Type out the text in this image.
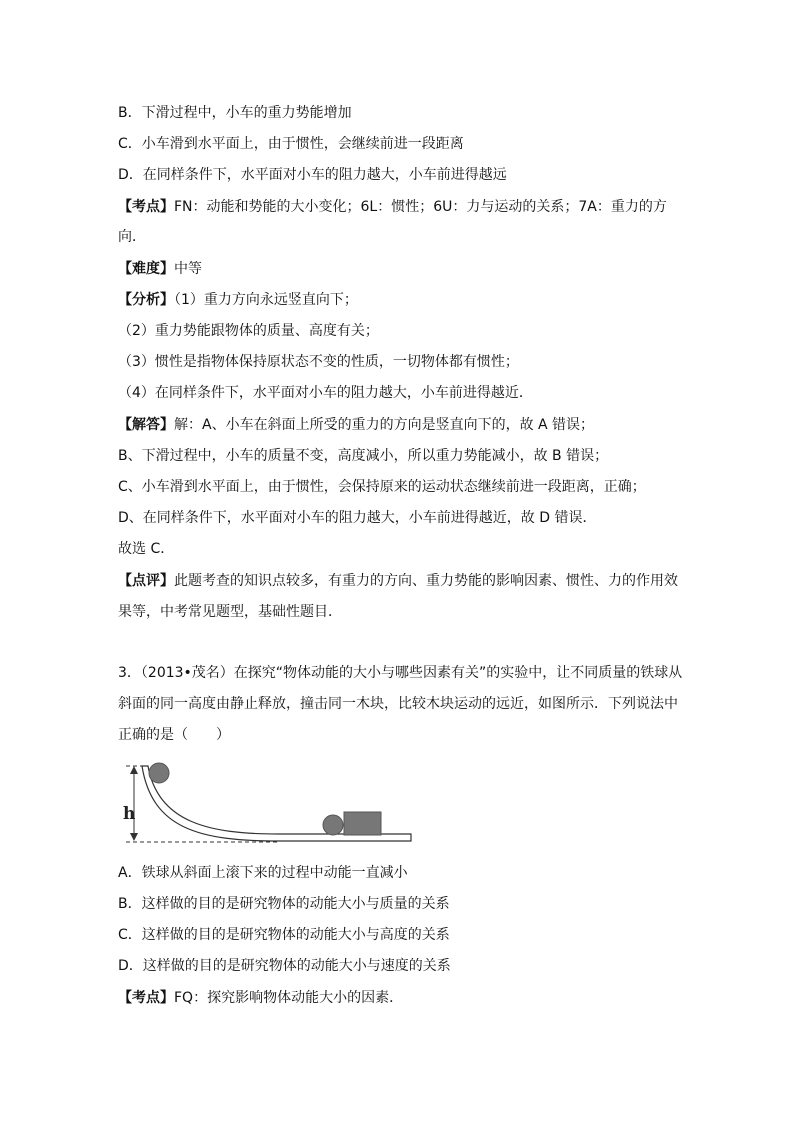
B．下滑过程中，小车的重力势能增加
C．小车滑到水平面上，由于惯性，会继续前进一段距离
D．在同样条件下，水平面对小车的阻力越大，小车前进得越远
【考点】FN：动能和势能的大小变化；6L：惯性；6U：力与运动的关系；7A：重力的方
向．
【难度】中等
【分析】（1）重力方向永远竖直向下；
（2）重力势能跟物体的质量、高度有关；
（3）惯性是指物体保持原状态不变的性质，一切物体都有惯性；
（4）在同样条件下，水平面对小车的阻力越大，小车前进得越近．
【解答】解：A、小车在斜面上所受的重力的方向是竖直向下的，故 A 错误；
B、下滑过程中，小车的质量不变，高度减小，所以重力势能减小，故 B 错误；
C、小车滑到水平面上，由于惯性，会保持原来的运动状态继续前进一段距离，正确；
D、在同样条件下，水平面对小车的阻力越大，小车前进得越近，故 D 错误．
故选 C．
【点评】此题考查的知识点较多，有重力的方向、重力势能的影响因素、惯性、力的作用效
果等，中考常见题型，基础性题目．
3．（2013•茂名）在探究“物体动能的大小与哪些因素有关”的实验中，让不同质量的铁球从
斜面的同一高度由静止释放，撞击同一木块，比较木块运动的远近，如图所示．下列说法中
正确的是（　　）
h
A．铁球从斜面上滚下来的过程中动能一直减小
B．这样做的目的是研究物体的动能大小与质量的关系
C．这样做的目的是研究物体的动能大小与高度的关系
D．这样做的目的是研究物体的动能大小与速度的关系
【考点】FQ：探究影响物体动能大小的因素．
